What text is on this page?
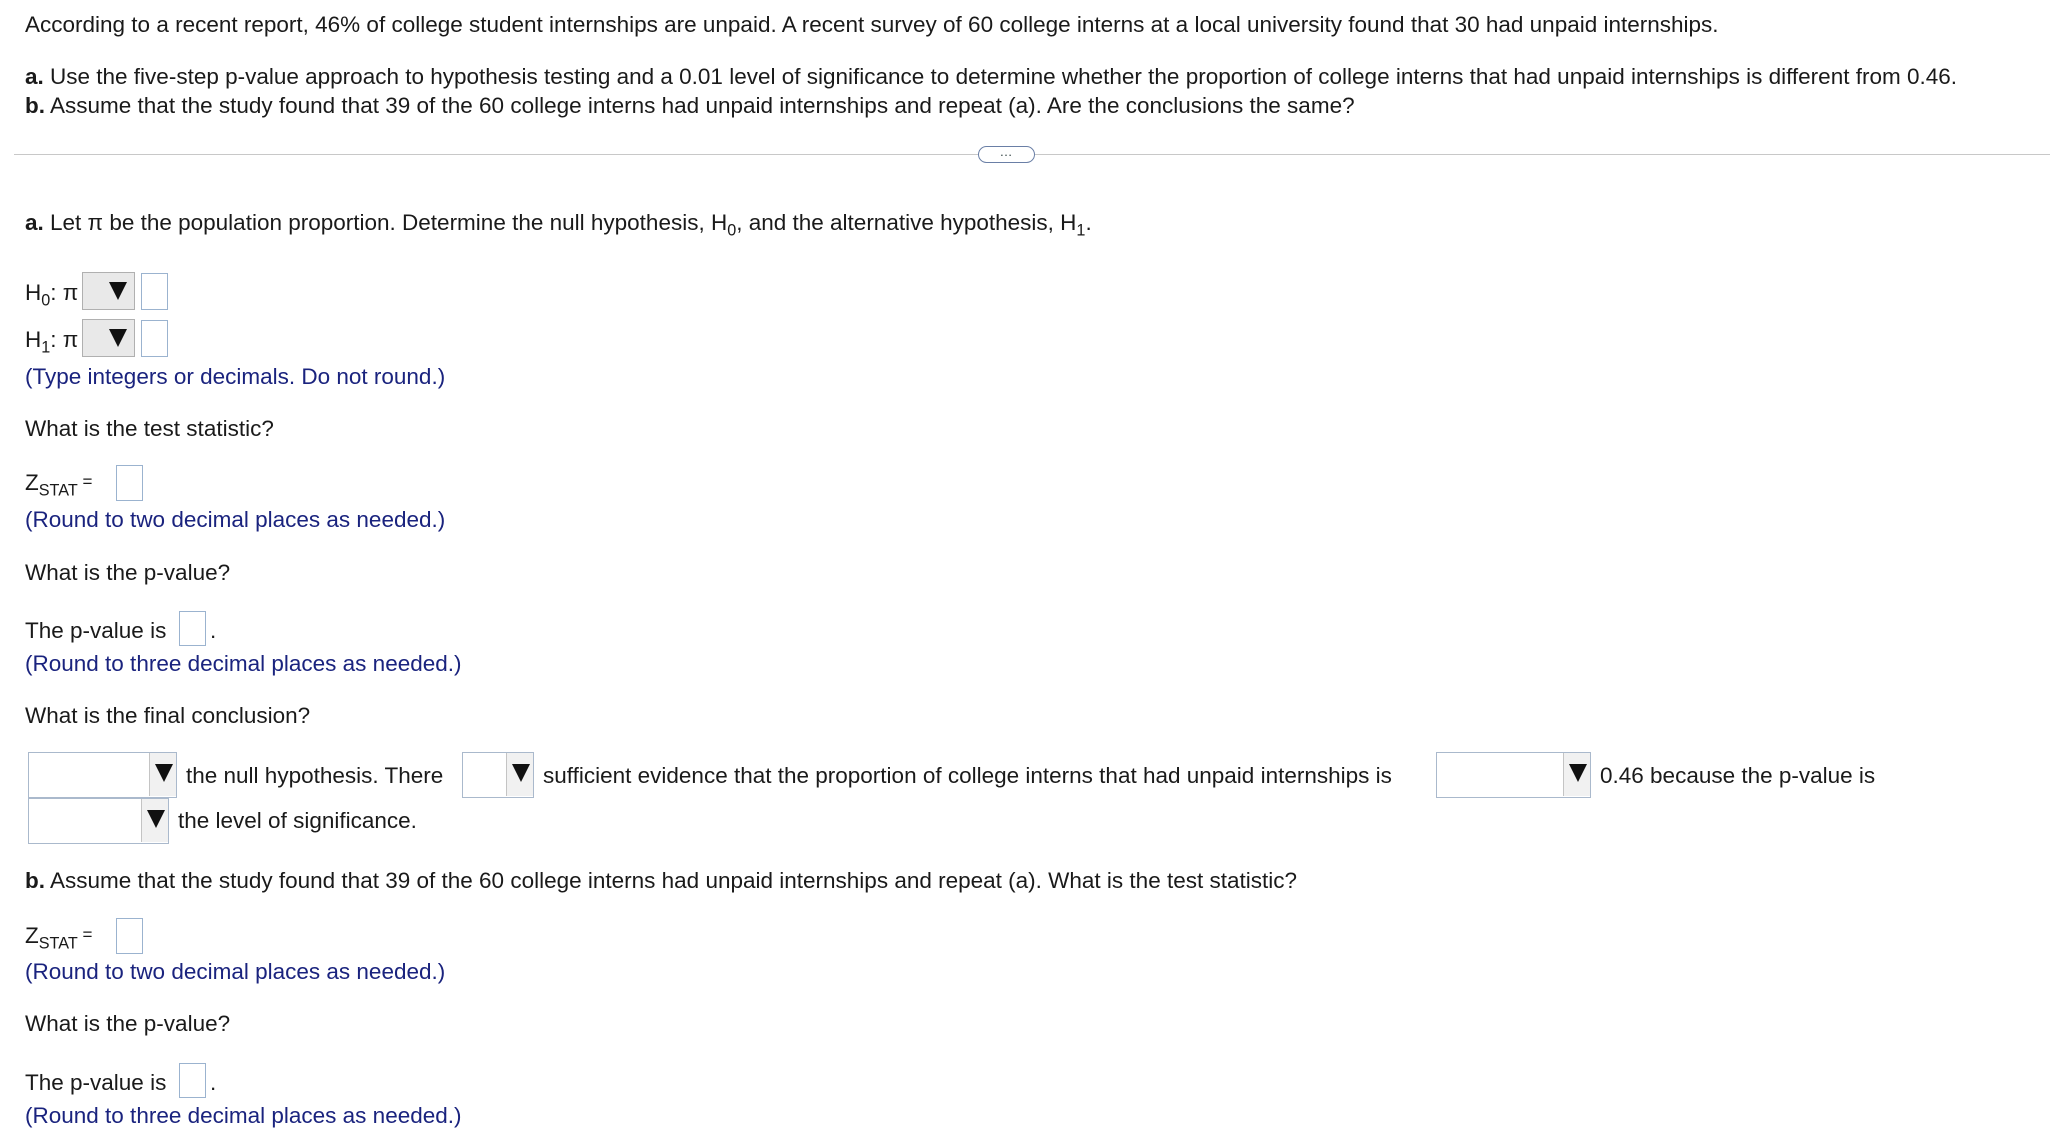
According to a recent report, 46% of college student internships are unpaid. A recent survey of 60 college interns at a local university found that 30 had unpaid internships.
a. Use the five-step p-value approach to hypothesis testing and a 0.01 level of significance to determine whether the proportion of college interns that had unpaid internships is different from 0.46.
b. Assume that the study found that 39 of the 60 college interns had unpaid internships and repeat (a). Are the conclusions the same?
…
a. Let π be the population proportion. Determine the null hypothesis, $H_0$, and the alternative hypothesis, $H_1$.
$H_0$: π
$H_1$: π
(Type integers or decimals. Do not round.)
What is the test statistic?
$Z_{STAT}$ =
(Round to two decimal places as needed.)
What is the p-value?
The p-value is .
(Round to three decimal places as needed.)
What is the final conclusion?
the null hypothesis. There	sufficient evidence that the proportion of college interns that had unpaid internships is	0.46 because the p-value is
the level of significance.
b. Assume that the study found that 39 of the 60 college interns had unpaid internships and repeat (a). What is the test statistic?
$Z_{STAT}$ =
(Round to two decimal places as needed.)
What is the p-value?
The p-value is .
(Round to three decimal places as needed.)
